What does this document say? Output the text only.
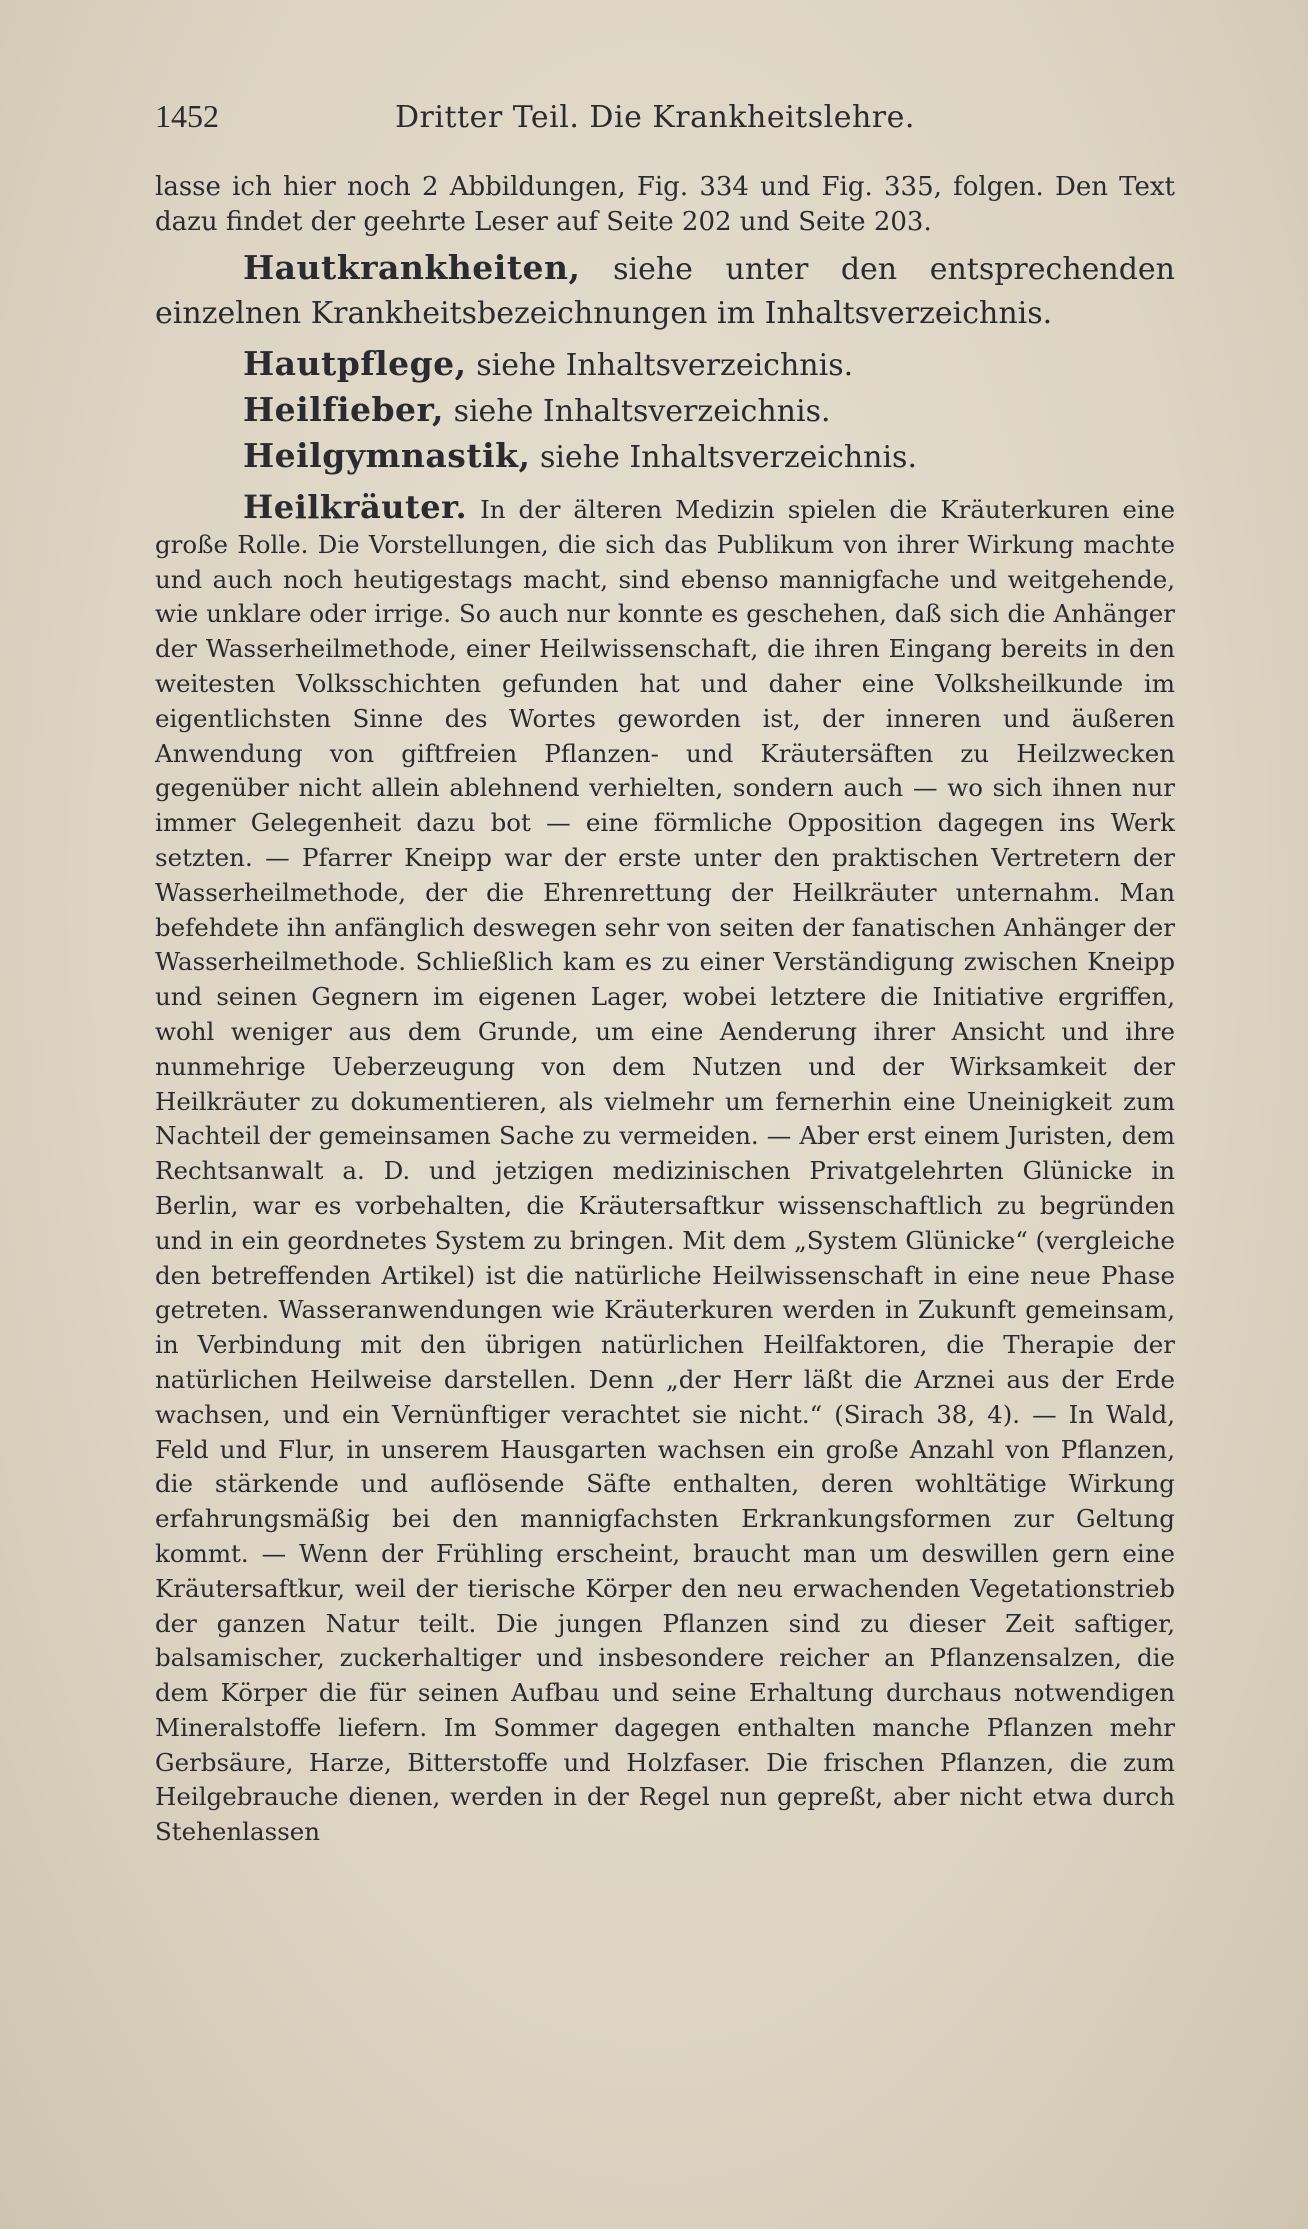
1452	Dritter Teil. Die Krankheitslehre.

lasse ich hier noch 2 Abbildungen, Fig. 334 und Fig. 335, folgen. Den Text dazu findet der geehrte Leser auf Seite 202 und Seite 203.

Hautkrankheiten, siehe unter den entsprechenden einzelnen Krankheitsbezeichnungen im Inhaltsverzeichnis.

Hautpflege, siehe Inhaltsverzeichnis.

Heilfieber, siehe Inhaltsverzeichnis.

Heilgymnastik, siehe Inhaltsverzeichnis.

Heilkräuter. In der älteren Medizin spielen die Kräuterkuren eine große Rolle. Die Vorstellungen, die sich das Publikum von ihrer Wirkung machte und auch noch heutigestags macht, sind ebenso mannigfache und weitgehende, wie unklare oder irrige. So auch nur konnte es geschehen, daß sich die Anhänger der Wasserheilmethode, einer Heilwissenschaft, die ihren Eingang bereits in den weitesten Volksschichten gefunden hat und daher eine Volksheilkunde im eigentlichsten Sinne des Wortes geworden ist, der inneren und äußeren Anwendung von giftfreien Pflanzen- und Kräutersäften zu Heilzwecken gegenüber nicht allein ablehnend verhielten, sondern auch — wo sich ihnen nur immer Gelegenheit dazu bot — eine förmliche Opposition dagegen ins Werk setzten. — Pfarrer Kneipp war der erste unter den praktischen Vertretern der Wasserheilmethode, der die Ehrenrettung der Heilkräuter unternahm. Man befehdete ihn anfänglich deswegen sehr von seiten der fanatischen Anhänger der Wasserheilmethode. Schließlich kam es zu einer Verständigung zwischen Kneipp und seinen Gegnern im eigenen Lager, wobei letztere die Initiative ergriffen, wohl weniger aus dem Grunde, um eine Aenderung ihrer Ansicht und ihre nunmehrige Ueberzeugung von dem Nutzen und der Wirksamkeit der Heilkräuter zu dokumentieren, als vielmehr um fernerhin eine Uneinigkeit zum Nachteil der gemeinsamen Sache zu vermeiden. — Aber erst einem Juristen, dem Rechtsanwalt a. D. und jetzigen medizinischen Privatgelehrten Glünicke in Berlin, war es vorbehalten, die Kräutersaftkur wissenschaftlich zu begründen und in ein geordnetes System zu bringen. Mit dem „System Glünicke“ (vergleiche den betreffenden Artikel) ist die natürliche Heilwissenschaft in eine neue Phase getreten. Wasseranwendungen wie Kräuterkuren werden in Zukunft gemeinsam, in Verbindung mit den übrigen natürlichen Heilfaktoren, die Therapie der natürlichen Heilweise darstellen. Denn „der Herr läßt die Arznei aus der Erde wachsen, und ein Vernünftiger verachtet sie nicht.“ (Sirach 38, 4). — In Wald, Feld und Flur, in unserem Hausgarten wachsen ein große Anzahl von Pflanzen, die stärkende und auflösende Säfte enthalten, deren wohltätige Wirkung erfahrungsmäßig bei den mannigfachsten Erkrankungsformen zur Geltung kommt. — Wenn der Frühling erscheint, braucht man um deswillen gern eine Kräutersaftkur, weil der tierische Körper den neu erwachenden Vegetationstrieb der ganzen Natur teilt. Die jungen Pflanzen sind zu dieser Zeit saftiger, balsamischer, zuckerhaltiger und insbesondere reicher an Pflanzensalzen, die dem Körper die für seinen Aufbau und seine Erhaltung durchaus notwendigen Mineralstoffe liefern. Im Sommer dagegen enthalten manche Pflanzen mehr Gerbsäure, Harze, Bitterstoffe und Holzfaser. Die frischen Pflanzen, die zum Heilgebrauche dienen, werden in der Regel nun gepreßt, aber nicht etwa durch Stehenlassen
